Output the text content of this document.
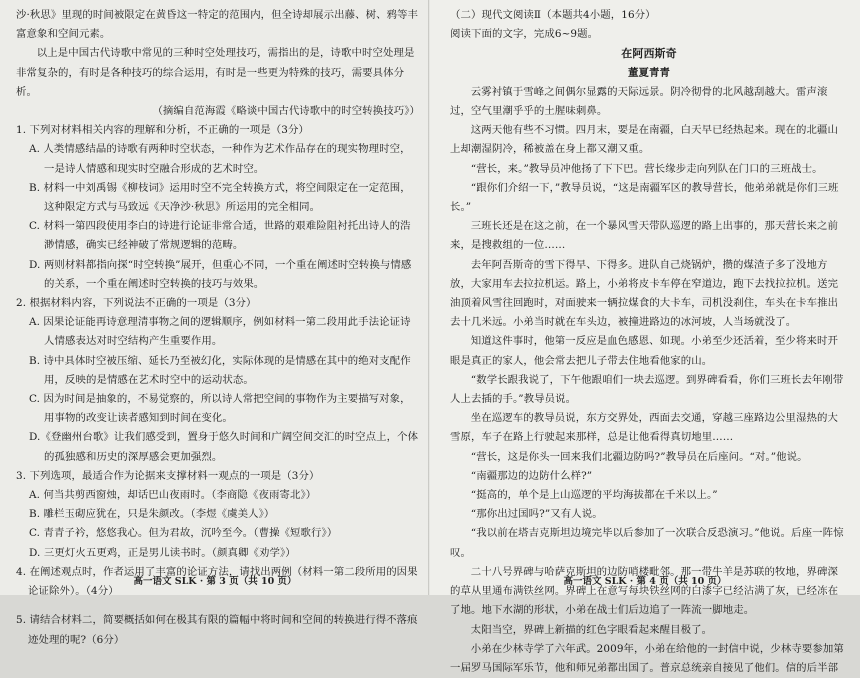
沙·秋思》里现的时间被限定在黄昏这一特定的范围内，但全诗却展示出藤、树、鸦等丰富意象和空间元素。

以上是中国古代诗歌中常见的三种时空处理技巧，需指出的是，诗歌中时空处理是非常复杂的，有时是各种技巧的综合运用，有时是一些更为特殊的技巧，需要具体分析。

（摘编自范海霞《略谈中国古代诗歌中的时空转换技巧》）

1. 下列对材料相关内容的理解和分析，不正确的一项是（3分）

A. 人类情感结晶的诗歌有两种时空状态，一种作为艺术作品存在的现实物理时空，一是诗人情感和现实时空融合形成的艺术时空。

B. 材料一中刘禹锡《柳枝词》运用时空不完全转换方式，将空间限定在一定范围，这种限定方式与马致远《天净沙·秋思》所运用的完全相同。

C. 材料一第四段使用李白的诗进行论证非常合适，世路的艰难险阻衬托出诗人的浩渺情感，确实已经神破了常规逻辑的范畴。

D. 两则材料都指向探“时空转换”展开，但重心不同，一个重在阐述时空转换与情感的关系，一个重在阐述时空转换的技巧与效果。

2. 根据材料内容，下列说法不正确的一项是（3分）

A. 因果论证能再诗意理清事物之间的逻辑顺序，例如材料一第二段用此手法论证诗人情感表达对时空结构产生重要作用。

B. 诗中具体时空被压缩、延长乃至被幻化，实际体现的是情感在其中的绝对支配作用，反映的是情感在艺术时空中的运动状态。

C. 因为时间是抽象的，不易觉察的，所以诗人常把空间的事物作为主要描写对象，用事物的改变让读者感知到时间在变化。

D.《登幽州台歌》让我们感受到，置身于悠久时间和广阔空间交汇的时空点上，个体的孤独感和历史的深厚感会更加强烈。

3. 下列选项，最适合作为论据来支撑材料一观点的一项是（3分）

A. 何当共剪西窗烛，却话巴山夜雨时。（李商隐《夜雨寄北》）

B. 雕栏玉砌应犹在，只是朱颜改。（李煜《虞美人》）

C. 青青子衿，悠悠我心。但为君故，沉吟至今。（曹操《短歌行》）

D. 三更灯火五更鸡，正是男儿读书时。（颜真卿《劝学》）

4. 在阐述观点时，作者运用了丰富的论证方法，请找出两例（材料一第二段所用的因果论证除外）。（4分）

5. 请结合材料二，简要概括如何在极其有限的篇幅中将时间和空间的转换进行得不落痕迹处理的呢?（6分）

高一语文 SLK · 第 3 页（共 10 页）

（二）现代文阅读Ⅱ（本题共4小题，16分）

阅读下面的文字，完成6~9题。

在阿西斯奇

董夏青青

云雾衬镇于雪峰之间偶尔显露的天际远景。阴冷彻骨的北风越刮越大。雷声滚过，空气里潮乎乎的土腥味刺鼻。

这两天他有些不习惯。四月末，要是在南疆，白天早已经热起来。现在的北疆山上却潮湿阴冷，稀被盖在身上都又潮又重。

“营长，来。”教导员冲他扬了下下巴。营长缘步走向列队在门口的三班战士。

“跟你们介绍一下，”教导员说，“这是南疆军区的教导营长，他弟弟就是你们三班长。”

三班长还是在这之前，在一个暴风雪天带队巡逻的路上出事的，那天营长来之前来，是搜救组的一位……

去年阿吾斯奇的雪下得早、下得多。进队自己烧锅炉，攒的煤渣子多了没地方放，大家用车去拉拉机运。路上，小弟将皮卡车停在窄道边，跑下去找拉拉机。送完油顶着风雪往回跑时，对面驶来一辆拉煤食的大卡车，司机没刹住，车头在卡车推出去十几米远。小弟当时就在车头边，被撞进路边的冰河坡，人当场就没了。

知道这件事时，他第一反应是血色感恩、如现。小弟至少还活着，至少将来时开眼是真正的家人，他会常去把儿子带去住地看他家的山。

“数学长跟我说了，下午他跟咱们一块去巡逻。到界碑看看，你们三班长去年刚带人上去插的手。”教导员说。

坐在巡逻车的教导员说，东方交界处，西面去交通，穿越三座路边公里湿热的大雪原，车子在路上行驶起来那样，总是让他看得真切地里……

“营长，这是你头一回来我们北疆边防吗?”教导员在后座问。“对。”他说。

“南疆那边的边防什么样?”

“挺高的，单个是上山巡逻的平均海拔都在千米以上。”

“那你出过国吗?”又有人说。

“我以前在塔吉克斯坦边境完毕以后参加了一次联合反恐演习。”他说。后座一阵惊叹。

二十八号界碑与哈萨克斯坦的边防哨楼毗邻。那一带牛羊是苏联的牧地，界碑深的草从里通布满铁丝网。界碑上在意写每块铁丝网的白漆字已经沾满了灰，已经冻在了地。地下水湖的形状，小弟在战士们后边追了一阵流一脚地走。

太阳当空，界碑上新描的红色字眼看起来醒目极了。

小弟在少林寺学了六年武。2009年，小弟在给他的一封信中说，少林寺要参加第一届罗马国际军乐节，他和师兄弟都出国了。普京总统亲自接见了他们。信的后半部

高一语文 SLK · 第 4 页（共 10 页）
